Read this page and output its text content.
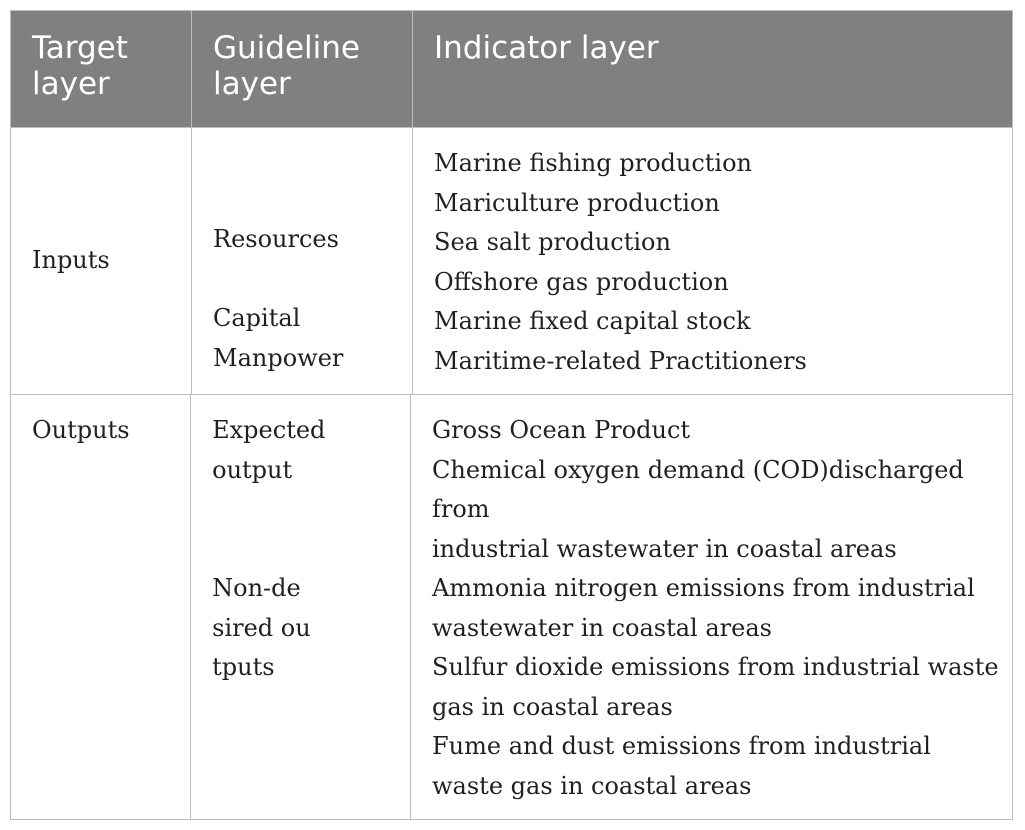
Target layer
Guideline layer
Indicator layer
Inputs
Resources
Capital
Manpower
Marine fishing production
Mariculture production
Sea salt production
Offshore gas production
Marine fixed capital stock
Maritime-related Practitioners
Outputs	Expected output
Non-desired outputs
Gross Ocean Product
Chemical oxygen demand (COD)discharged from
industrial wastewater in coastal areas
Ammonia nitrogen emissions from industrial wastewater in coastal areas
Sulfur dioxide emissions from industrial waste gas in coastal areas
Fume and dust emissions from industrial waste gas in coastal areas
